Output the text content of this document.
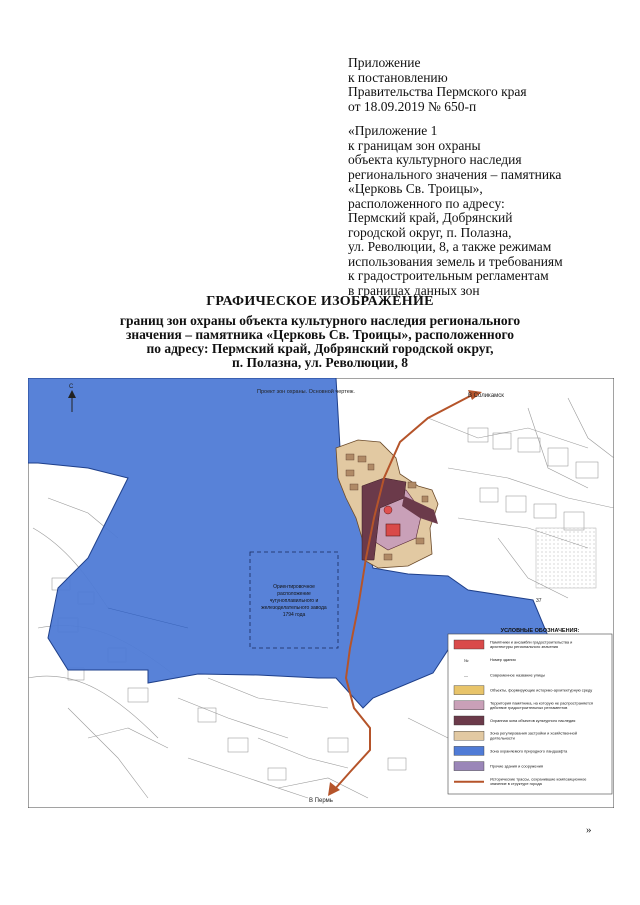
Приложение
к постановлению
Правительства Пермского края
от 18.09.2019 № 650-п
«Приложение 1
к границам зон охраны
объекта культурного наследия
регионального значения – памятника
«Церковь Св. Троицы»,
расположенного по адресу:
Пермский край, Добрянский
городской округ, п. Полазна,
ул. Революции, 8, а также режимам
использования земель и требованиям
к градостроительным регламентам
в границах данных зон
ГРАФИЧЕСКОЕ ИЗОБРАЖЕНИЕ
границ зон охраны объекта культурного наследия регионального
значения – памятника «Церковь Св. Троицы», расположенного
по адресу: Пермский край, Добрянский городской округ,
п. Полазна, ул. Революции, 8
Проект зон охраны. Основной чертеж.
С
В Соликамск
В Пермь
37
Ориентировочное
расположение
чугуноплавильного и
железоделательного завода
1794 года
УСЛОВНЫЕ ОБОЗНАЧЕНИЯ:
Памятники и ансамбли градостроительства и архитектуры регионального значения
№	Номер здания
—	Современное название улицы
Объекты, формирующие историко-архитектурную среду
Территория памятника, на которую не распространяется действие градостроительных регламентов
Охранная зона объектов культурного наследия
Зона регулирования застройки и хозяйственной деятельности
Зона охраняемого природного ландшафта
Прочие здания и сооружения
Исторические трассы, сохранившие композиционное значение в структуре города
»
